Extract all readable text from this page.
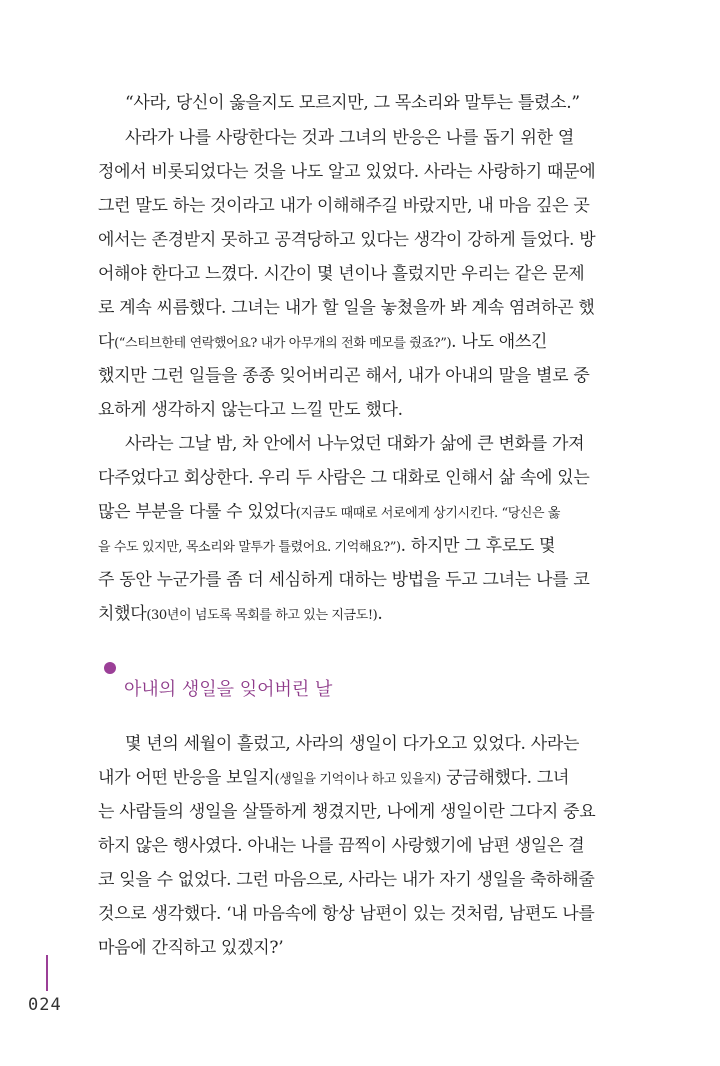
“사라, 당신이 옳을지도 모르지만, 그 목소리와 말투는 틀렸소.”
사라가 나를 사랑한다는 것과 그녀의 반응은 나를 돕기 위한 열
정에서 비롯되었다는 것을 나도 알고 있었다. 사라는 사랑하기 때문에
그런 말도 하는 것이라고 내가 이해해주길 바랐지만, 내 마음 깊은 곳
에서는 존경받지 못하고 공격당하고 있다는 생각이 강하게 들었다. 방
어해야 한다고 느꼈다. 시간이 몇 년이나 흘렀지만 우리는 같은 문제
로 계속 씨름했다. 그녀는 내가 할 일을 놓쳤을까 봐 계속 염려하곤 했
다(“스티브한테 연락했어요? 내가 아무개의 전화 메모를 줬죠?”). 나도 애쓰긴
했지만 그런 일들을 종종 잊어버리곤 해서, 내가 아내의 말을 별로 중
요하게 생각하지 않는다고 느낄 만도 했다.
사라는 그날 밤, 차 안에서 나누었던 대화가 삶에 큰 변화를 가져
다주었다고 회상한다. 우리 두 사람은 그 대화로 인해서 삶 속에 있는
많은 부분을 다룰 수 있었다(지금도 때때로 서로에게 상기시킨다. “당신은 옳
을 수도 있지만, 목소리와 말투가 틀렸어요. 기억해요?”). 하지만 그 후로도 몇
주 동안 누군가를 좀 더 세심하게 대하는 방법을 두고 그녀는 나를 코
치했다(30년이 넘도록 목회를 하고 있는 지금도!).
아내의 생일을 잊어버린 날
몇 년의 세월이 흘렀고, 사라의 생일이 다가오고 있었다. 사라는
내가 어떤 반응을 보일지(생일을 기억이나 하고 있을지) 궁금해했다. 그녀
는 사람들의 생일을 살뜰하게 챙겼지만, 나에게 생일이란 그다지 중요
하지 않은 행사였다. 아내는 나를 끔찍이 사랑했기에 남편 생일은 결
코 잊을 수 없었다. 그런 마음으로, 사라는 내가 자기 생일을 축하해줄
것으로 생각했다. ‘내 마음속에 항상 남편이 있는 것처럼, 남편도 나를
마음에 간직하고 있겠지?’
024
